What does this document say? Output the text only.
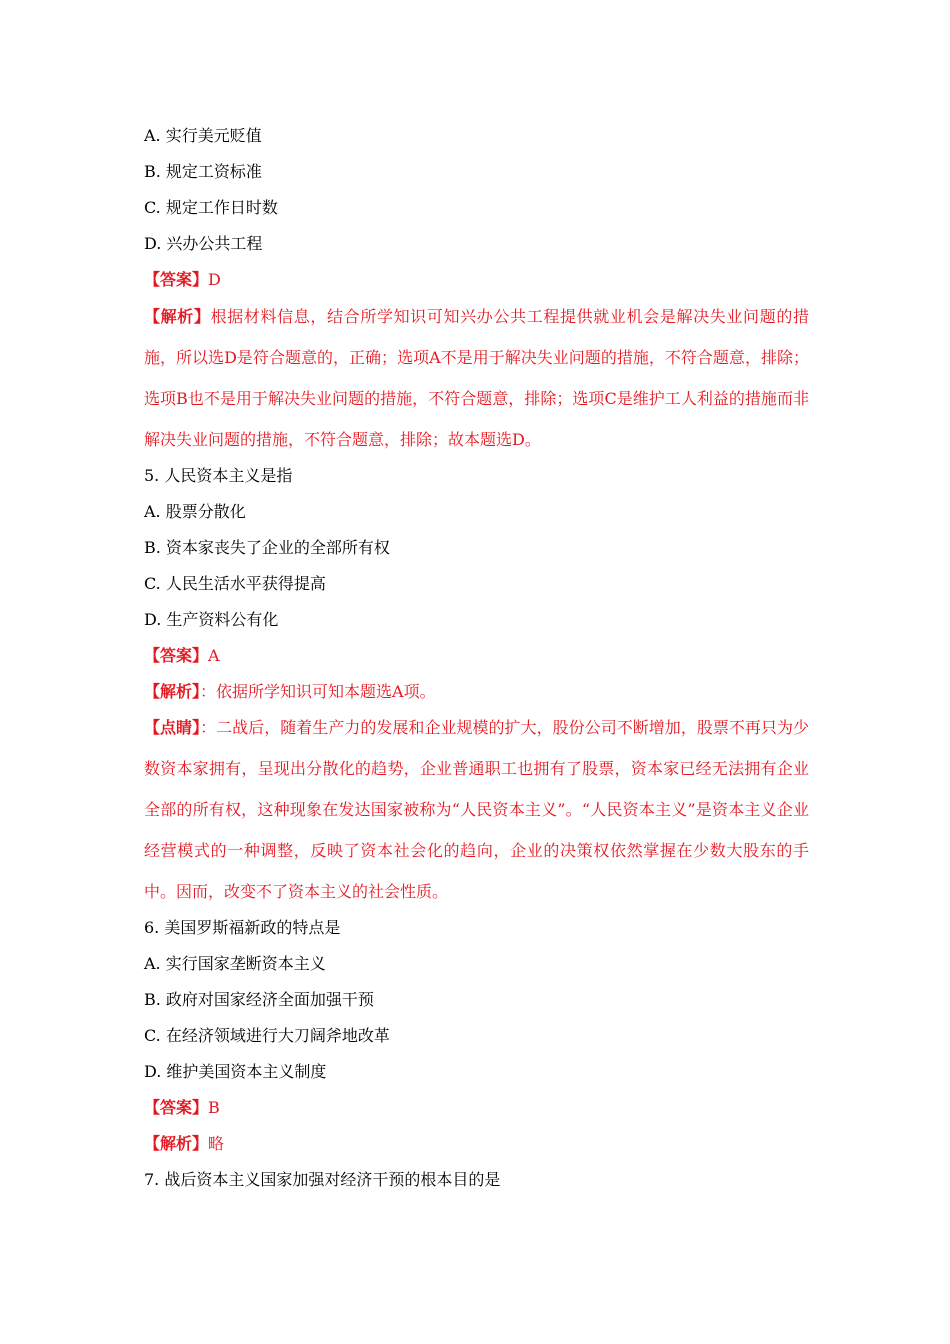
A. 实行美元贬值
B. 规定工资标准
C. 规定工作日时数
D. 兴办公共工程
【答案】D
【解析】根据材料信息，结合所学知识可知兴办公共工程提供就业机会是解决失业问题的措施，所以选D是符合题意的，正确；选项A不是用于解决失业问题的措施，不符合题意，排除；选项B也不是用于解决失业问题的措施，不符合题意，排除；选项C是维护工人利益的措施而非解决失业问题的措施，不符合题意，排除；故本题选D。
5. 人民资本主义是指
A. 股票分散化
B. 资本家丧失了企业的全部所有权
C. 人民生活水平获得提高
D. 生产资料公有化
【答案】A
【解析】：依据所学知识可知本题选A项。
【点睛】：二战后，随着生产力的发展和企业规模的扩大，股份公司不断增加，股票不再只为少数资本家拥有，呈现出分散化的趋势，企业普通职工也拥有了股票，资本家已经无法拥有企业全部的所有权，这种现象在发达国家被称为“人民资本主义”。“人民资本主义”是资本主义企业经营模式的一种调整，反映了资本社会化的趋向，企业的决策权依然掌握在少数大股东的手中。因而，改变不了资本主义的社会性质。
6. 美国罗斯福新政的特点是
A. 实行国家垄断资本主义
B. 政府对国家经济全面加强干预
C. 在经济领域进行大刀阔斧地改革
D. 维护美国资本主义制度
【答案】B
【解析】略
7. 战后资本主义国家加强对经济干预的根本目的是
